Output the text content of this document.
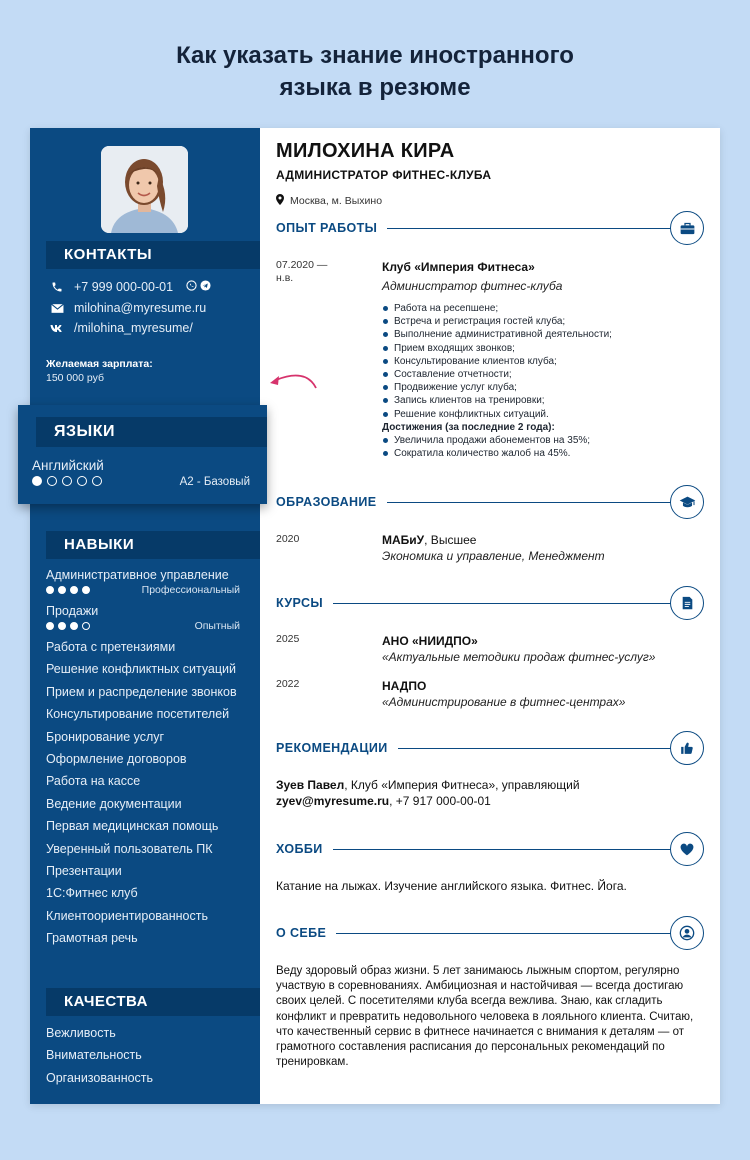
Как указать знание иностранного
языка в резюме
КОНТАКТЫ
+7 999 000-00-01
milohina@myresume.ru
/milohina_myresume/
Желаемая зарплата:
150 000 руб
НАВЫКИ
Административное управление
Профессиональный
Продажи
Опытный
Работа с претензиями
Решение конфликтных ситуаций
Прием и распределение звонков
Консультирование посетителей
Бронирование услуг
Оформление договоров
Работа на кассе
Ведение документации
Первая медицинская помощь
Уверенный пользователь ПК
Презентации
1С:Фитнес клуб
Клиентоориентированность
Грамотная речь
КАЧЕСТВА
Вежливость
Внимательность
Организованность
МИЛОХИНА КИРА
АДМИНИСТРАТОР ФИТНЕС-КЛУБА
Москва, м. Выхино
ОПЫТ РАБОТЫ
07.2020 —
н.в.
Клуб «Империя Фитнеса»
Администратор фитнес-клуба
Работа на ресепшене;
Встреча и регистрация гостей клуба;
Выполнение административной деятельности;
Прием входящих звонков;
Консультирование клиентов клуба;
Составление отчетности;
Продвижение услуг клуба;
Запись клиентов на тренировки;
Решение конфликтных ситуаций.
Достижения (за последние 2 года):
Увеличила продажи абонементов на 35%;
Сократила количество жалоб на 45%.
ОБРАЗОВАНИЕ
2020	МАБиУ, Высшее
Экономика и управление, Менеджмент
КУРСЫ
2025	АНО «НИИДПО»
«Актуальные методики продаж фитнес-услуг»
2022	НАДПО
«Администрирование в фитнес-центрах»
РЕКОМЕНДАЦИИ
Зуев Павел, Клуб «Империя Фитнеса», управляющий
zyev@myresume.ru, +7 917 000-00-01
ХОББИ
Катание на лыжах. Изучение английского языка. Фитнес. Йога.
О СЕБЕ
Веду здоровый образ жизни. 5 лет занимаюсь лыжным спортом, регулярно участвую в соревнованиях. Амбициозная и настойчивая — всегда достигаю своих целей. С посетителями клуба всегда вежлива. Знаю, как сгладить конфликт и превратить недовольного человека в лояльного клиента. Считаю, что качественный сервис в фитнесе начинается с внимания к деталям — от грамотного составления расписания до персональных рекомендаций по тренировкам.
ЯЗЫКИ
Английский
A2 - Базовый
